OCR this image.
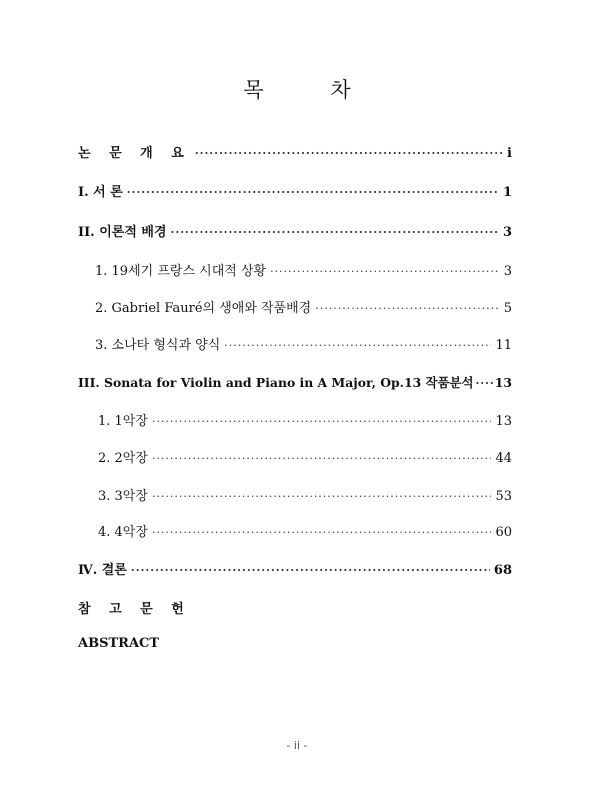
목 차
논 문 개 요 ·····	i
I. 서 론 ·····	1
II. 이론적 배경 ·····	3
1. 19세기 프랑스 시대적 상황 ·····	3
2. Gabriel Fauré의 생애와 작품배경 ·····	5
3. 소나타 형식과 양식 ·····	11
III. Sonata for Violin and Piano in A Major, Op.13 작품분석 ····· 13
1. 1악장 ·····	13
2. 2악장 ·····	44
3. 3악장 ·····	53
4. 4악장 ·····	60
Ⅳ. 결론 ·····	68
참 고 문 헌
ABSTRACT
- ii -
